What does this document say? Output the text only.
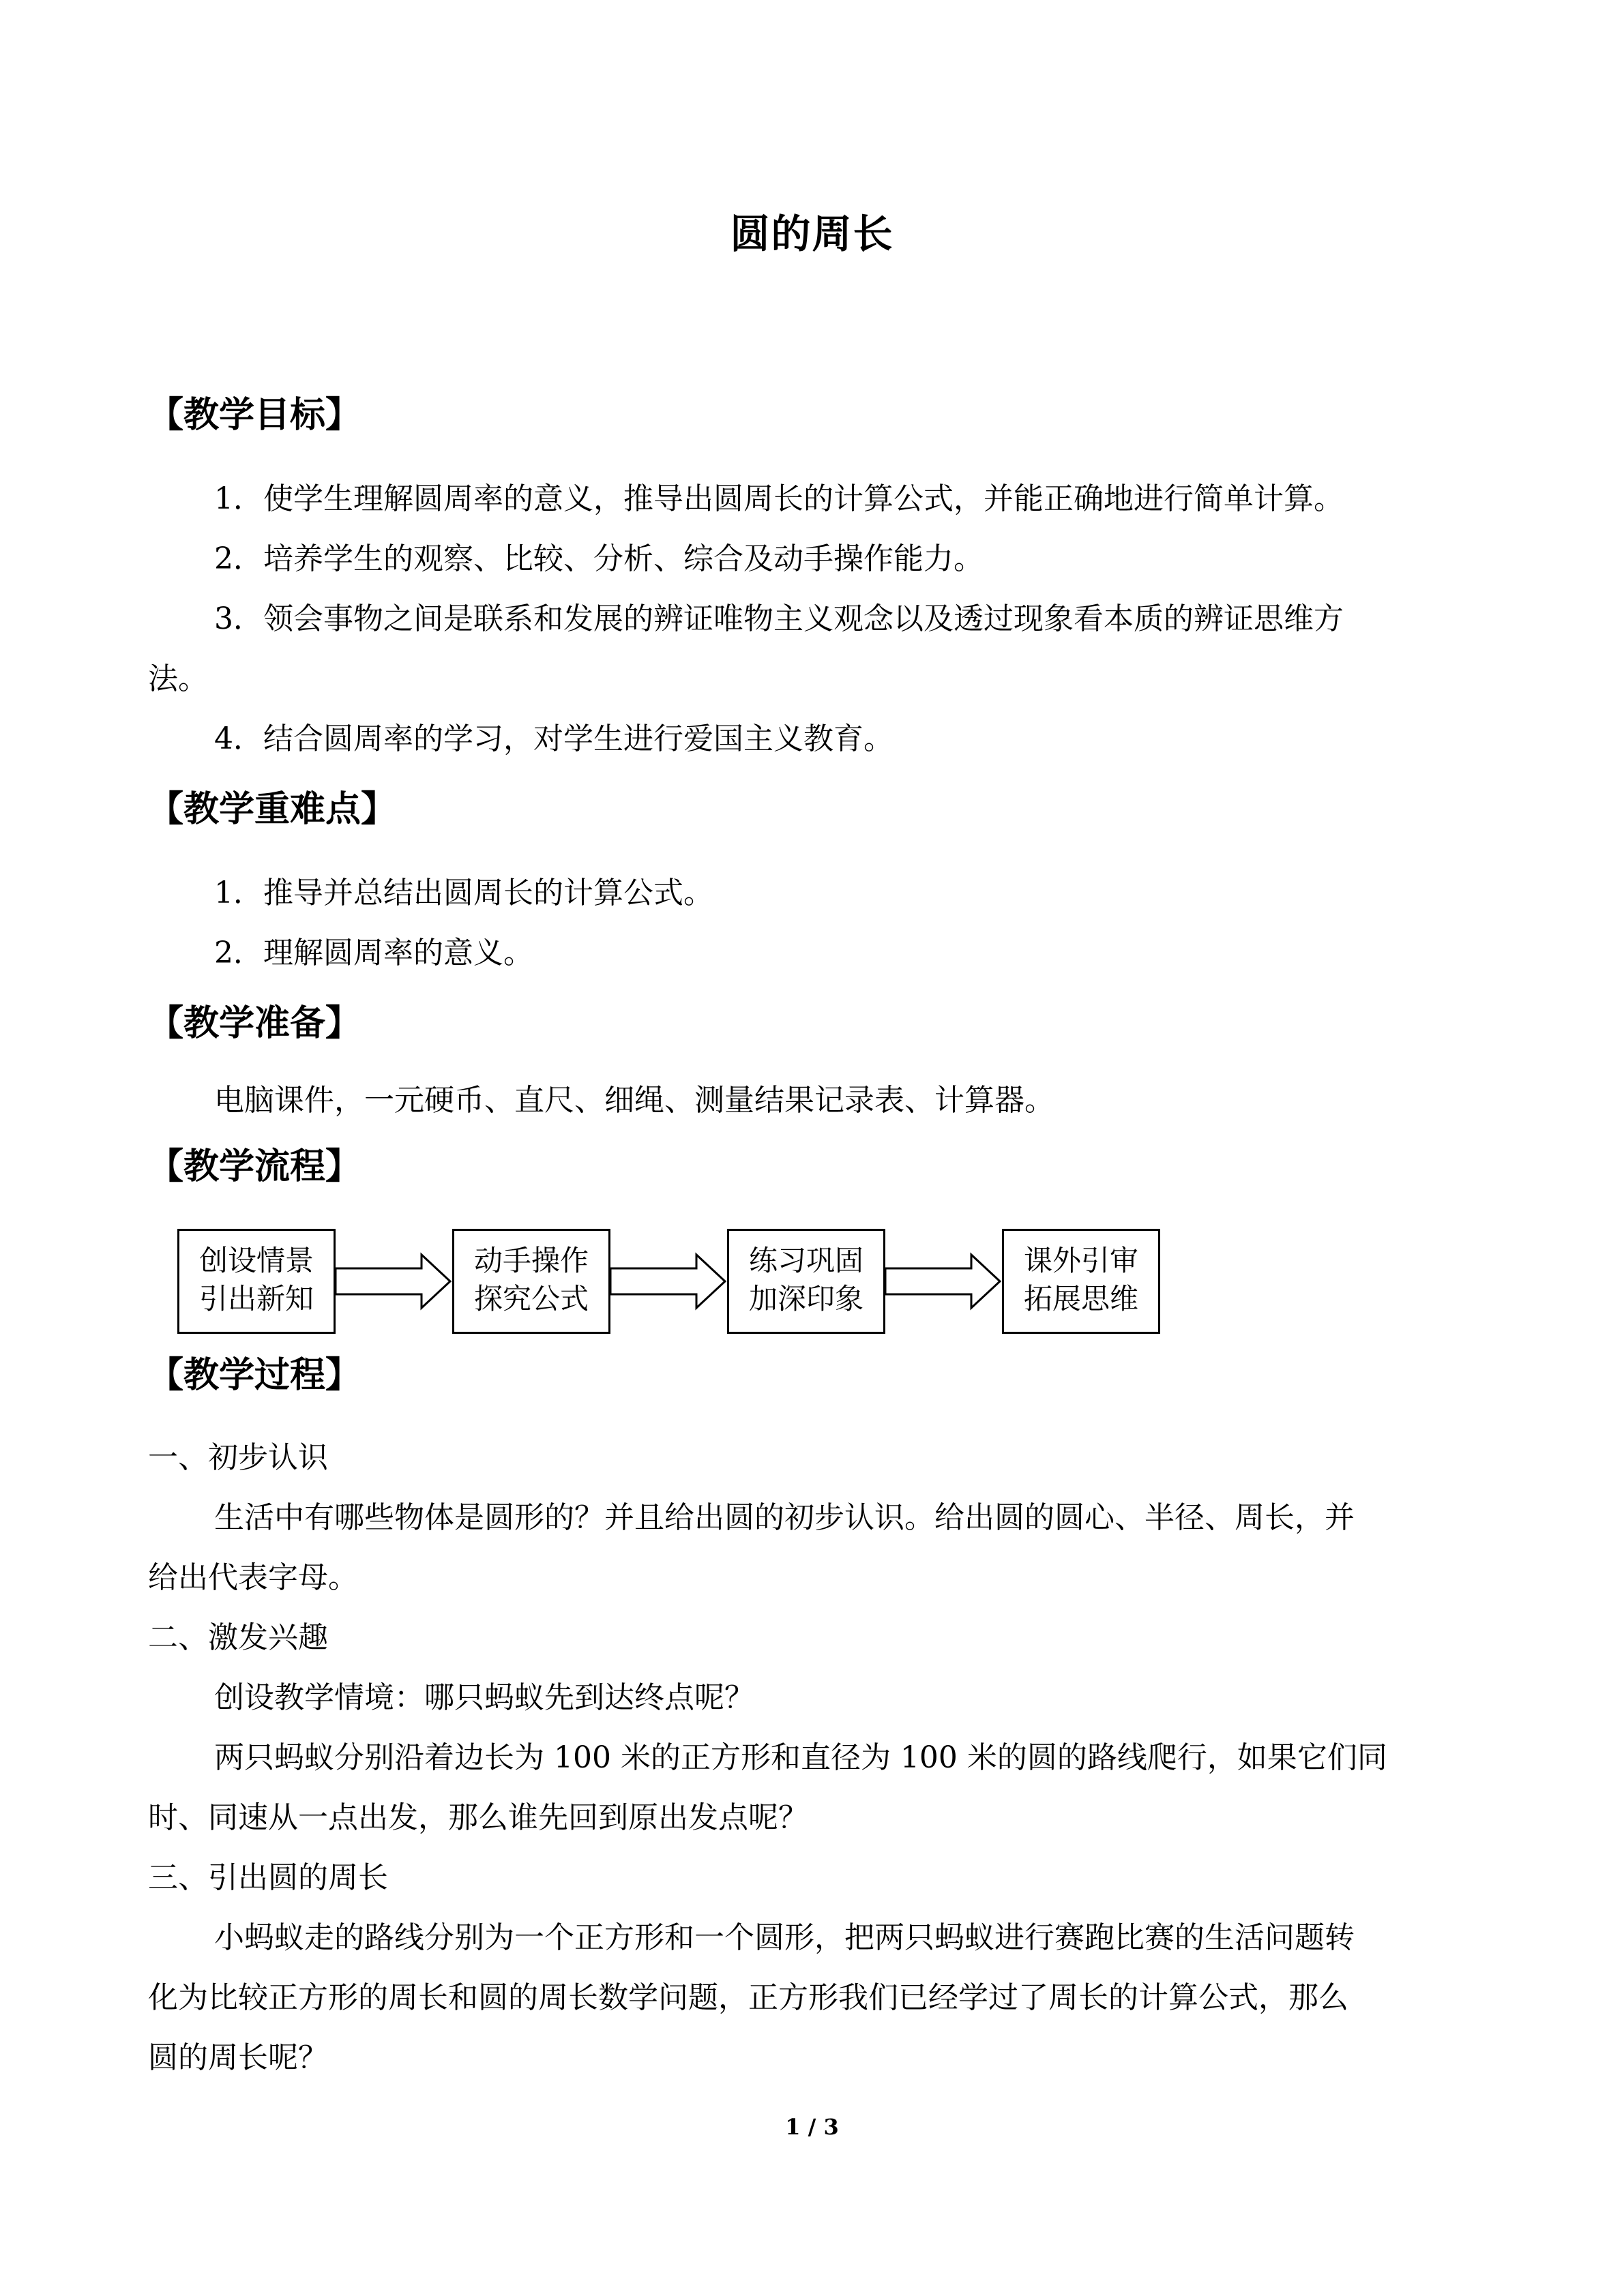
圆的周长
【教学目标】
1．使学生理解圆周率的意义，推导出圆周长的计算公式，并能正确地进行简单计算。
2．培养学生的观察、比较、分析、综合及动手操作能力。
3．领会事物之间是联系和发展的辨证唯物主义观念以及透过现象看本质的辨证思维方
法。
4．结合圆周率的学习，对学生进行爱国主义教育。
【教学重难点】
1．推导并总结出圆周长的计算公式。
2．理解圆周率的意义。
【教学准备】
电脑课件，一元硬币、直尺、细绳、测量结果记录表、计算器。
【教学流程】
创设情景
引出新知
动手操作
探究公式
练习巩固
加深印象
课外引审
拓展思维
【教学过程】
一、初步认识
生活中有哪些物体是圆形的？并且给出圆的初步认识。给出圆的圆心、半径、周长，并
给出代表字母。
二、激发兴趣
创设教学情境：哪只蚂蚁先到达终点呢？
两只蚂蚁分别沿着边长为 100 米的正方形和直径为 100 米的圆的路线爬行，如果它们同
时、同速从一点出发，那么谁先回到原出发点呢？
三、引出圆的周长
小蚂蚁走的路线分别为一个正方形和一个圆形，把两只蚂蚁进行赛跑比赛的生活问题转
化为比较正方形的周长和圆的周长数学问题，正方形我们已经学过了周长的计算公式，那么
圆的周长呢？
1 / 3
